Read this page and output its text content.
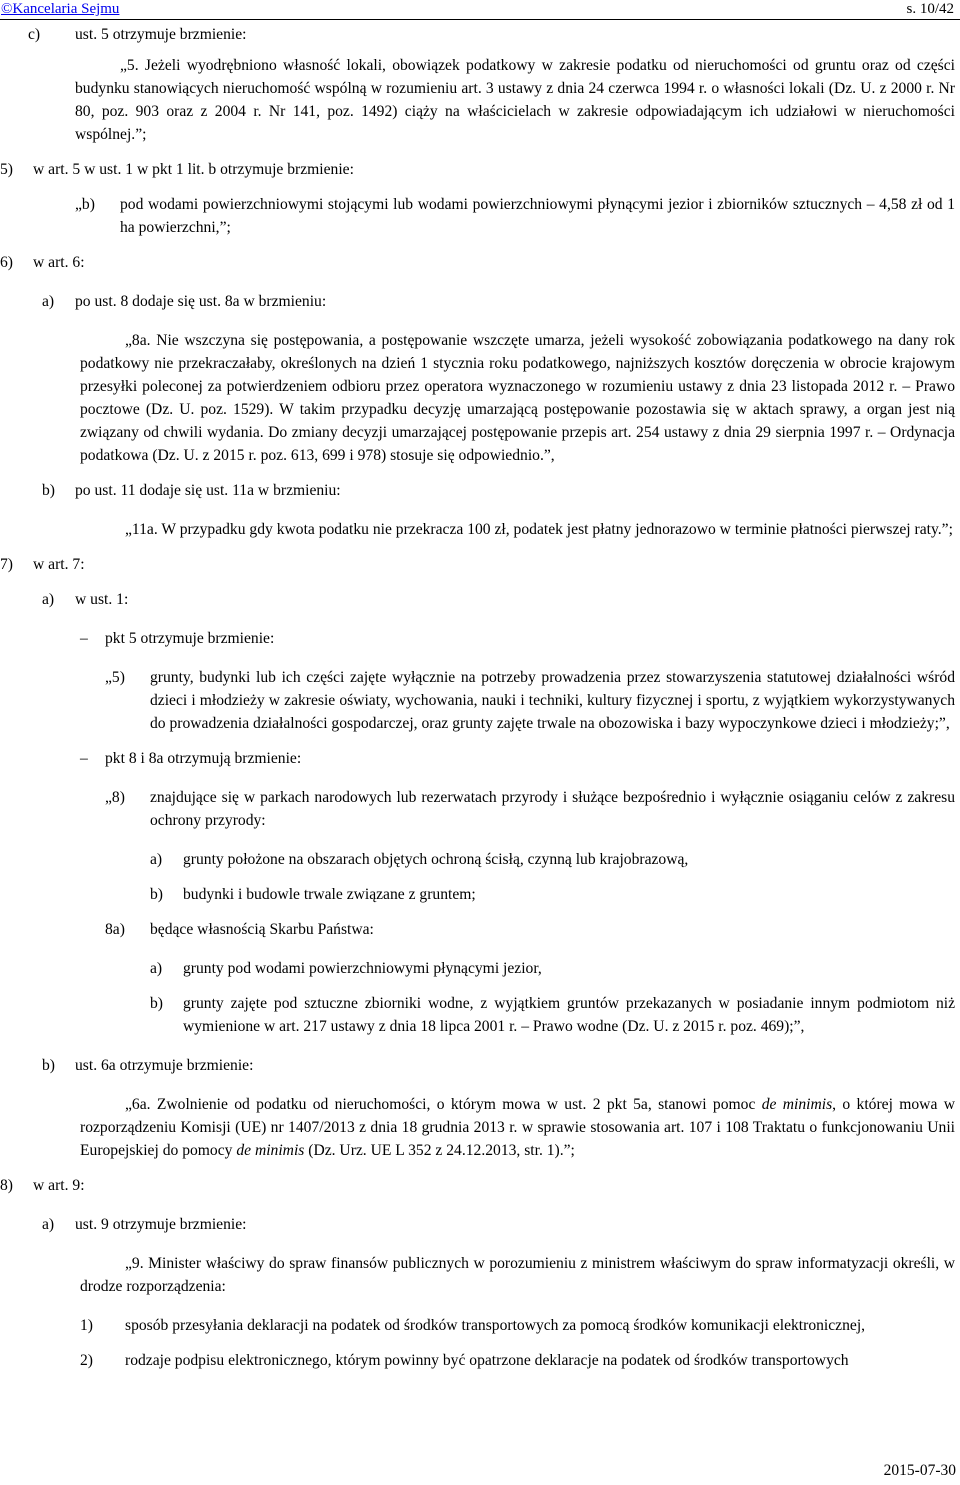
©Kancelaria Sejmu	s. 10/42
c)	ust. 5 otrzymuje brzmienie:
„5. Jeżeli wyodrębniono własność lokali, obowiązek podatkowy w zakresie podatku od nieruchomości od gruntu oraz od części budynku stanowiących nieruchomość wspólną w rozumieniu art. 3 ustawy z dnia 24 czerwca 1994 r. o własności lokali (Dz. U. z 2000 r. Nr 80, poz. 903 oraz z 2004 r. Nr 141, poz. 1492) ciąży na właścicielach w zakresie odpowiadającym ich udziałowi w nieruchomości wspólnej.”;
5)	w art. 5 w ust. 1 w pkt 1 lit. b otrzymuje brzmienie:
„b)	pod wodami powierzchniowymi stojącymi lub wodami powierzchniowymi płynącymi jezior i zbiorników sztucznych – 4,58 zł od 1 ha powierzchni,”;
6)	w art. 6:
a)	po ust. 8 dodaje się ust. 8a w brzmieniu:
„8a. Nie wszczyna się postępowania, a postępowanie wszczęte umarza, jeżeli wysokość zobowiązania podatkowego na dany rok podatkowy nie przekraczałaby, określonych na dzień 1 stycznia roku podatkowego, najniższych kosztów doręczenia w obrocie krajowym przesyłki poleconej za potwierdzeniem odbioru przez operatora wyznaczonego w rozumieniu ustawy z dnia 23 listopada 2012 r. – Prawo pocztowe (Dz. U. poz. 1529). W takim przypadku decyzję umarzającą postępowanie pozostawia się w aktach sprawy, a organ jest nią związany od chwili wydania. Do zmiany decyzji umarzającej postępowanie przepis art. 254 ustawy z dnia 29 sierpnia 1997 r. – Ordynacja podatkowa (Dz. U. z 2015 r. poz. 613, 699 i 978) stosuje się odpowiednio.”,
b)	po ust. 11 dodaje się ust. 11a w brzmieniu:
„11a. W przypadku gdy kwota podatku nie przekracza 100 zł, podatek jest płatny jednorazowo w terminie płatności pierwszej raty.”;
7)	w art. 7:
a)	w ust. 1:
–	pkt 5 otrzymuje brzmienie:
„5)	grunty, budynki lub ich części zajęte wyłącznie na potrzeby prowadzenia przez stowarzyszenia statutowej działalności wśród dzieci i młodzieży w zakresie oświaty, wychowania, nauki i techniki, kultury fizycznej i sportu, z wyjątkiem wykorzystywanych do prowadzenia działalności gospodarczej, oraz grunty zajęte trwale na obozowiska i bazy wypoczynkowe dzieci i młodzieży;”,
–	pkt 8 i 8a otrzymują brzmienie:
„8)	znajdujące się w parkach narodowych lub rezerwatach przyrody i służące bezpośrednio i wyłącznie osiąganiu celów z zakresu ochrony przyrody:
a)	grunty położone na obszarach objętych ochroną ścisłą, czynną lub krajobrazową,
b)	budynki i budowle trwale związane z gruntem;
8a)	będące własnością Skarbu Państwa:
a)	grunty pod wodami powierzchniowymi płynącymi jezior,
b)	grunty zajęte pod sztuczne zbiorniki wodne, z wyjątkiem gruntów przekazanych w posiadanie innym podmiotom niż wymienione w art. 217 ustawy z dnia 18 lipca 2001 r. – Prawo wodne (Dz. U. z 2015 r. poz. 469);”,
b)	ust. 6a otrzymuje brzmienie:
„6a. Zwolnienie od podatku od nieruchomości, o którym mowa w ust. 2 pkt 5a, stanowi pomoc de minimis, o której mowa w rozporządzeniu Komisji (UE) nr 1407/2013 z dnia 18 grudnia 2013 r. w sprawie stosowania art. 107 i 108 Traktatu o funkcjonowaniu Unii Europejskiej do pomocy de minimis (Dz. Urz. UE L 352 z 24.12.2013, str. 1).”;
8)	w art. 9:
a)	ust. 9 otrzymuje brzmienie:
„9. Minister właściwy do spraw finansów publicznych w porozumieniu z ministrem właściwym do spraw informatyzacji określi, w drodze rozporządzenia:
1)	sposób przesyłania deklaracji na podatek od środków transportowych za pomocą środków komunikacji elektronicznej,
2)	rodzaje podpisu elektronicznego, którym powinny być opatrzone deklaracje na podatek od środków transportowych
2015-07-30
